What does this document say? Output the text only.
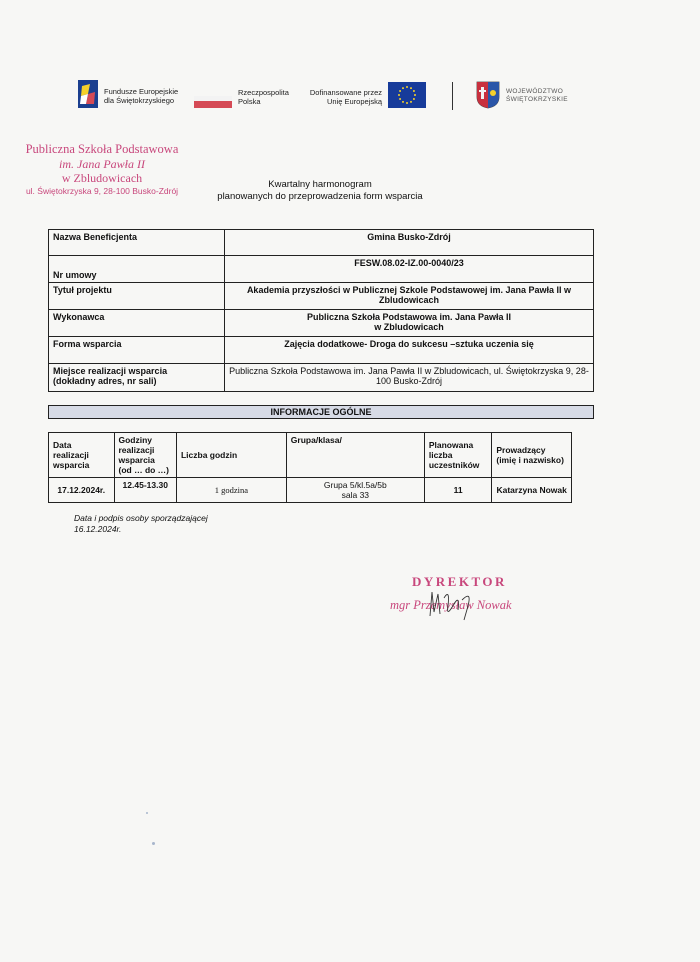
Fundusze Europejskie
dla Świętokrzyskiego
Rzeczpospolita
Polska
Dofinansowane przez
Unię Europejską
WOJEWÓDZTWO
ŚWIĘTOKRZYSKIE
Publiczna Szkoła Podstawowa
im. Jana Pawła II
w Zbludowicach
ul. Świętokrzyska 9, 28-100 Busko-Zdrój
Kwartalny harmonogram
planowanych do przeprowadzenia form wsparcia
Nazwa Beneficjenta	Gmina Busko-Zdrój
Nr umowy	FESW.08.02-IZ.00-0040/23
Tytuł projektu	Akademia przyszłości w Publicznej Szkole Podstawowej im. Jana Pawła II w Zbludowicach
Wykonawca	Publiczna Szkoła Podstawowa im. Jana Pawła II
w Zbludowicach
Forma wsparcia	Zajęcia dodatkowe- Droga do sukcesu –sztuka uczenia się
Miejsce realizacji wsparcia
(dokładny adres, nr sali)	Publiczna Szkoła Podstawowa im. Jana Pawła II w Zbludowicach, ul. Świętokrzyska 9, 28-100 Busko-Zdrój
INFORMACJE OGÓLNE
Data
realizacji
wsparcia	Godziny
realizacji
wsparcia
(od … do …)	Liczba godzin	Grupa/klasa/	Planowana
liczba
uczestników	Prowadzący
(imię i nazwisko)
17.12.2024r.	12.45-13.30	1 godzina	Grupa 5/kl.5a/5b
sala 33	11	Katarzyna Nowak
Data i podpis osoby sporządzającej
16.12.2024r.
DYREKTOR
mgr Przemysław Nowak
